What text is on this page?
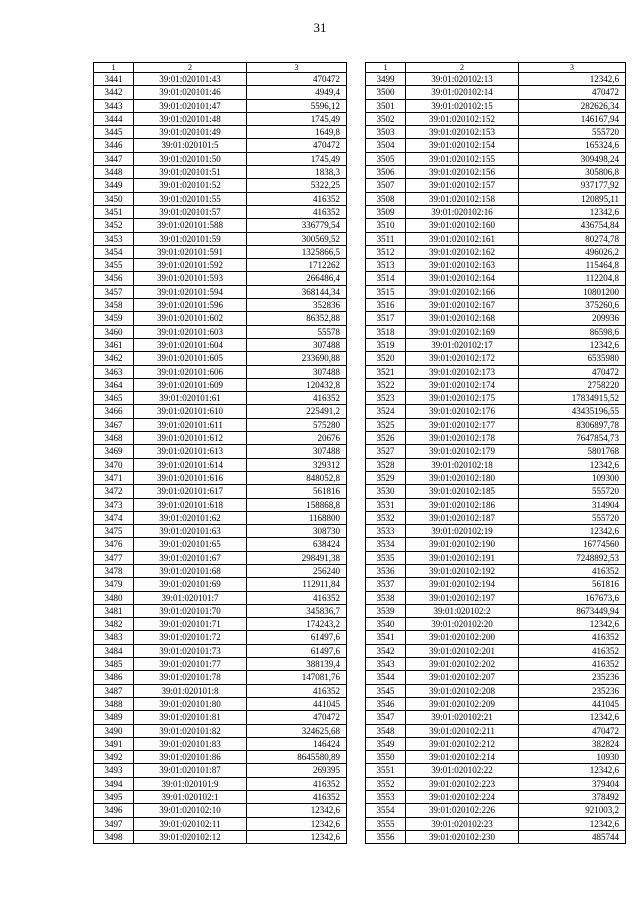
31
1	2	3
3441	39:01:020101:43	470472
3442	39:01:020101:46	4949,4
3443	39:01:020101:47	5596,12
3444	39:01:020101:48	1745,49
3445	39:01:020101:49	1649,8
3446	39:01:020101:5	470472
3447	39:01:020101:50	1745,49
3448	39:01:020101:51	1838,3
3449	39:01:020101:52	5322,25
3450	39:01:020101:55	416352
3451	39:01:020101:57	416352
3452	39:01:020101:588	336779,54
3453	39:01:020101:59	300569,52
3454	39:01:020101:591	1325866,5
3455	39:01:020101:592	1712262
3456	39:01:020101:593	266486,4
3457	39:01:020101:594	368144,34
3458	39:01:020101:596	352836
3459	39:01:020101:602	86352,88
3460	39:01:020101:603	55578
3461	39:01:020101:604	307488
3462	39:01:020101:605	233690,88
3463	39:01:020101:606	307488
3464	39:01:020101:609	120432,8
3465	39:01:020101:61	416352
3466	39:01:020101:610	225491,2
3467	39:01:020101:611	575280
3468	39:01:020101:612	20676
3469	39:01:020101:613	307488
3470	39:01:020101:614	329312
3471	39:01:020101:616	848052,8
3472	39:01:020101:617	561816
3473	39:01:020101:618	158868,8
3474	39:01:020101:62	1168800
3475	39:01:020101:63	308730
3476	39:01:020101:65	638424
3477	39:01:020101:67	298491,38
3478	39:01:020101:68	256240
3479	39:01:020101:69	112911,84
3480	39:01:020101:7	416352
3481	39:01:020101:70	345836,7
3482	39:01:020101:71	174243,2
3483	39:01:020101:72	61497,6
3484	39:01:020101:73	61497,6
3485	39:01:020101:77	388139,4
3486	39:01:020101:78	147081,76
3487	39:01:020101:8	416352
3488	39:01:020101:80	441045
3489	39:01:020101:81	470472
3490	39:01:020101:82	324625,68
3491	39:01:020101:83	146424
3492	39:01:020101:86	8645580,89
3493	39:01:020101:87	269395
3494	39:01:020101:9	416352
3495	39:01:020102:1	416352
3496	39:01:020102:10	12342,6
3497	39:01:020102:11	12342,6
3498	39:01:020102:12	12342,6
1	2	3
3499	39:01:020102:13	12342,6
3500	39:01:020102:14	470472
3501	39:01:020102:15	282626,34
3502	39:01:020102:152	146167,94
3503	39:01:020102:153	555720
3504	39:01:020102:154	165324,6
3505	39:01:020102:155	309498,24
3506	39:01:020102:156	305806,8
3507	39:01:020102:157	937177,92
3508	39:01:020102:158	120895,11
3509	39:01:020102:16	12342,6
3510	39:01:020102:160	436754,84
3511	39:01:020102:161	80274,78
3512	39:01:020102:162	496026,2
3513	39:01:020102:163	115464,8
3514	39:01:020102:164	112204,8
3515	39:01:020102:166	10801200
3516	39:01:020102:167	375260,6
3517	39:01:020102:168	209936
3518	39:01:020102:169	86598,6
3519	39:01:020102:17	12342,6
3520	39:01:020102:172	6535980
3521	39:01:020102:173	470472
3522	39:01:020102:174	2758220
3523	39:01:020102:175	17834915,52
3524	39:01:020102:176	43435196,55
3525	39:01:020102:177	8306897,78
3526	39:01:020102:178	7647854,73
3527	39:01:020102:179	5801768
3528	39:01:020102:18	12342,6
3529	39:01:020102:180	109300
3530	39:01:020102:185	555720
3531	39:01:020102:186	314904
3532	39:01:020102:187	555720
3533	39:01:020102:19	12342,6
3534	39:01:020102:190	16774560
3535	39:01:020102:191	7248892,53
3536	39:01:020102:192	416352
3537	39:01:020102:194	561816
3538	39:01:020102:197	167673,6
3539	39:01:020102:2	8673449,94
3540	39:01:020102:20	12342,6
3541	39:01:020102:200	416352
3542	39:01:020102:201	416352
3543	39:01:020102:202	416352
3544	39:01:020102:207	235236
3545	39:01:020102:208	235236
3546	39:01:020102:209	441045
3547	39:01:020102:21	12342,6
3548	39:01:020102:211	470472
3549	39:01:020102:212	382824
3550	39:01:020102:214	10930
3551	39:01:020102:22	12342,6
3552	39:01:020102:223	379404
3553	39:01:020102:224	378492
3554	39:01:020102:226	921003,2
3555	39:01:020102:23	12342,6
3556	39:01:020102:230	485744
